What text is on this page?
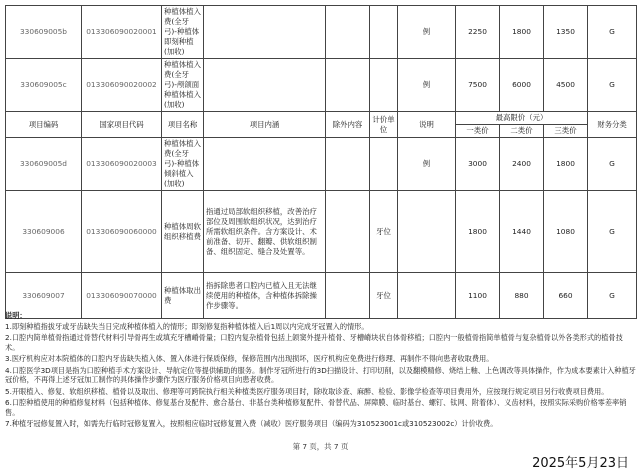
330609005b	013306090020001	种植体植入费(全牙弓)-种植体即刻种植(加收)				例	2250	1800	1350	G
330609005c	013306090020002	种植体植入费(全牙弓)-颅颌面种植体植入(加收)				例	7500	6000	4500	G
项目编码	国家项目代码	项目名称	项目内涵	除外内容	计价单位	说明	最高限价（元）			财务分类
							一类价	二类价	三类价	
330609005d	013306090020003	种植体植入费(全牙弓)-种植体倾斜植入(加收)				例	3000	2400	1800	G
330609006	013306090060000	种植体周软组织移植费	指通过局部软组织移植，改善治疗部位及周围软组织状况，达到治疗所需软组织条件。含方案设计、术前准备、切开、翻瓣、供软组织制备、组织固定、缝合及处置等。		牙位		1800	1440	1080	G
330609007	013306090070000	种植体取出费	指拆除患者口腔内已植入且无法继续使用的种植体，含种植体拆除操作步骤等。		牙位		1100	880	660	G

说明：

1.即刻种植指拔牙或牙齿缺失当日完成种植体植入的情形；即刻修复指种植体植入后1周以内完成牙冠置入的情形。

2.口腔内简单植骨指通过骨替代材料引导骨再生或填充牙槽嵴骨量；口腔内复杂植骨包括上颌窦外提升植骨、牙槽嵴块状自体骨移植；口腔内一般植骨指简单植骨与复杂植骨以外各类形式的植骨技术。

3.医疗机构应对本院植体的口腔内牙齿缺失植入体、置入体进行保质保修，保修范围内出现损坏，医疗机构应免费进行修理、再制作不得向患者收取费用。

4.口腔医学3D项目是指为口腔种植手术方案设计、导航定位等提供辅助的服务。制作牙冠所进行的3D扫描设计、打印切削，以及翻模精修、烧结上釉、上色调改等具体操作，作为成本要素计入种植牙冠价格，不再得上述牙冠加工制作的具体操作步骤作为医疗服务价格项目向患者收费。

5.开眼植入、修复、软组织移植、植骨以及取出、修理等可跨院执行相关种植类医疗服务项目时，除收取诊查、麻醉、检验、影像学检查等项目费用外，应按现行规定项目另行收费项目费用。

6.口腔种植使用的种植修复材料（包括种植体、修复基台及配件、愈合基台、非基台类种植修复配件、骨替代品、屏障膜、临时基台、螺钉、钛网、附着体）、义齿材料，按照实际采购价格零差率销售。

7.种植牙冠修复置入时，如需先行临时冠修复置入，按照相应临时冠修复置入费（减收）医疗服务项目（编码为310523001c或310523002c）计价收费。

第 7 页，共 7 页
2025年5月23日
